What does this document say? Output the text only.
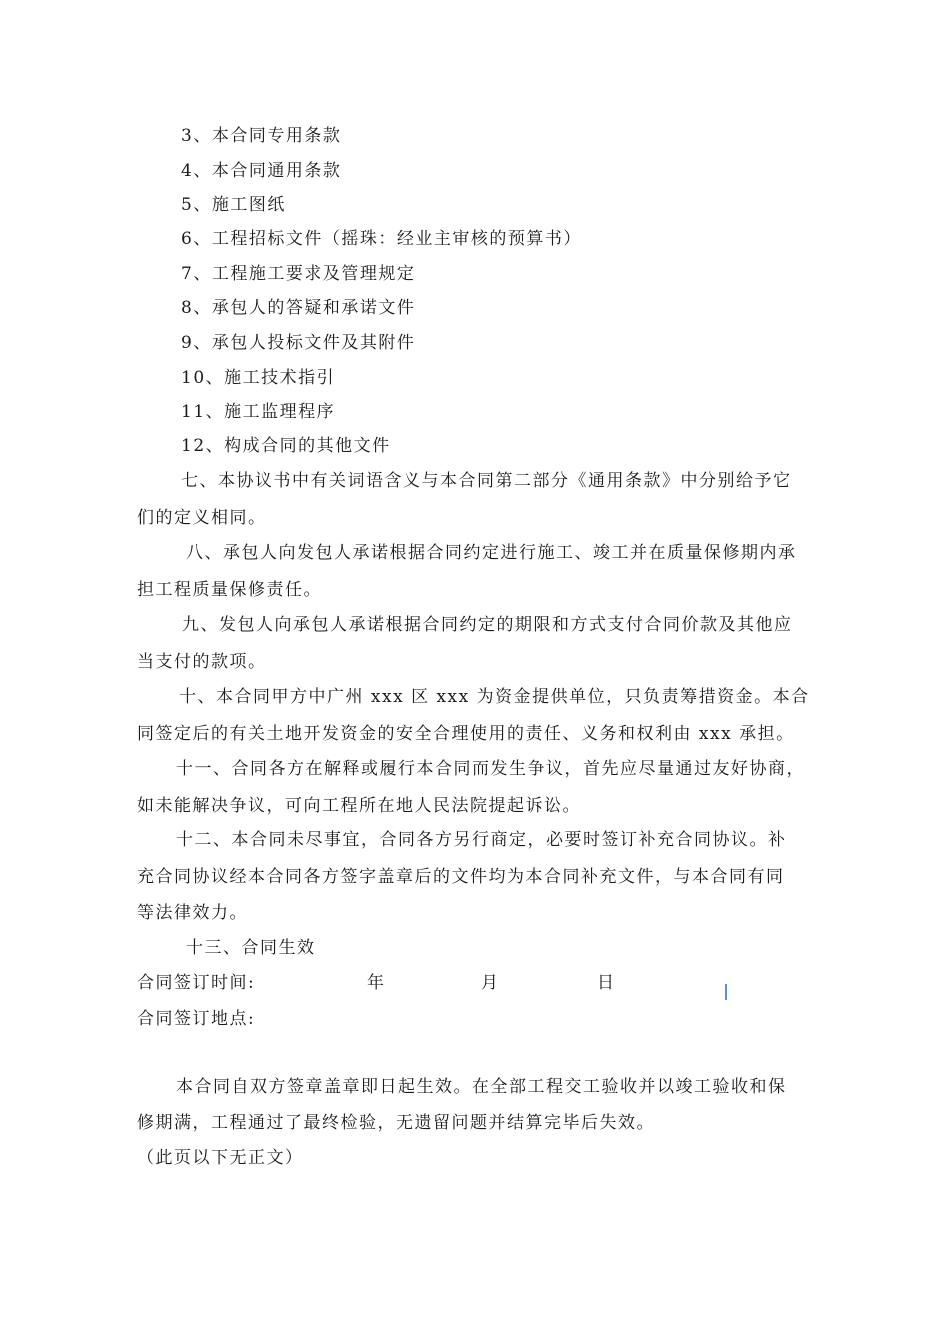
3、本合同专用条款
4、本合同通用条款
5、施工图纸
6、工程招标文件（摇珠：经业主审核的预算书）
7、工程施工要求及管理规定
8、承包人的答疑和承诺文件
9、承包人投标文件及其附件
10、施工技术指引
11、施工监理程序
12、构成合同的其他文件
七、本协议书中有关词语含义与本合同第二部分《通用条款》中分别给予它
们的定义相同。
八、承包人向发包人承诺根据合同约定进行施工、竣工并在质量保修期内承
担工程质量保修责任。
九、发包人向承包人承诺根据合同约定的期限和方式支付合同价款及其他应
当支付的款项。
十、本合同甲方中广州 xxx 区 xxx 为资金提供单位，只负责筹措资金。本合
同签定后的有关土地开发资金的安全合理使用的责任、义务和权利由 xxx 承担。
十一、合同各方在解释或履行本合同而发生争议，首先应尽量通过友好协商，
如未能解决争议，可向工程所在地人民法院提起诉讼。
十二、本合同未尽事宜，合同各方另行商定，必要时签订补充合同协议。补
充合同协议经本合同各方签字盖章后的文件均为本合同补充文件，与本合同有同
等法律效力。
十三、合同生效
合同签订时间:	年	月	日
合同签订地点:
本合同自双方签章盖章即日起生效。在全部工程交工验收并以竣工验收和保
修期满，工程通过了最终检验，无遗留问题并结算完毕后失效。
（此页以下无正文）
